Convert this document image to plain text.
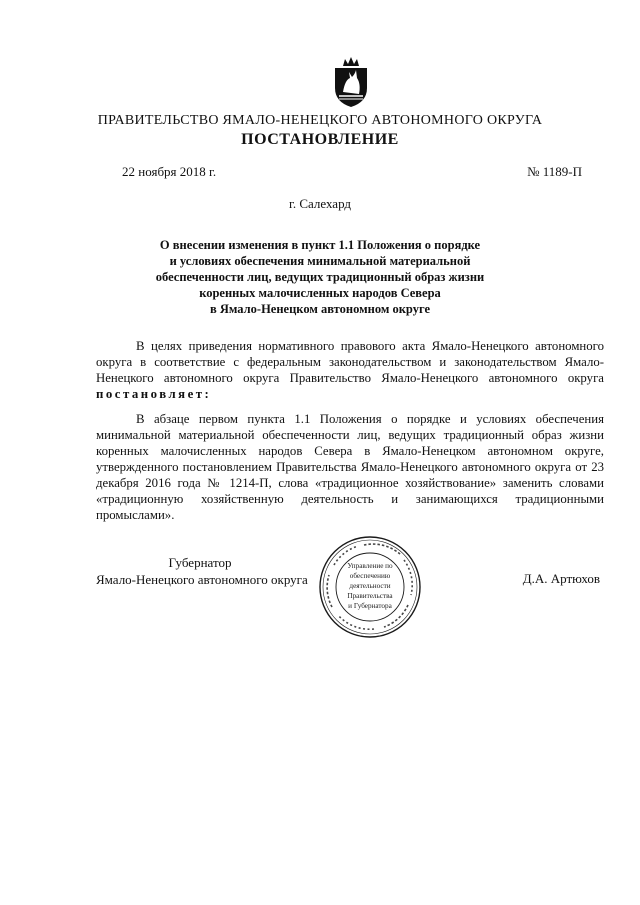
ПРАВИТЕЛЬСТВО ЯМАЛО-НЕНЕЦКОГО АВТОНОМНОГО ОКРУГА
ПОСТАНОВЛЕНИЕ
22 ноября 2018 г.	№ 1189-П
г. Салехард
О внесении изменения в пункт 1.1 Положения о порядке
и условиях обеспечения минимальной материальной
обеспеченности лиц, ведущих традиционный образ жизни
коренных малочисленных народов Севера
в Ямало-Ненецком автономном округе

В целях приведения нормативного правового акта Ямало-Ненецкого автономного округа в соответствие с федеральным законодательством и законодательством Ямало-Ненецкого автономного округа Правительство Ямало-Ненецкого автономного округа постановляет:

В абзаце первом пункта 1.1 Положения о порядке и условиях обеспечения минимальной материальной обеспеченности лиц, ведущих традиционный образ жизни коренных малочисленных народов Севера в Ямало-Ненецком автономном округе, утвержденного постановлением Правительства Ямало-Ненецкого автономного округа от 23 декабря 2016 года № 1214-П, слова «традиционное хозяйствование» заменить словами «традиционную хозяйственную деятельность и занимающихся традиционными промыслами».

Губернатор
Ямало-Ненецкого автономного округа
Управление по
обеспечению
деятельности
Правительства
и Губернатора
Д.А. Артюхов
